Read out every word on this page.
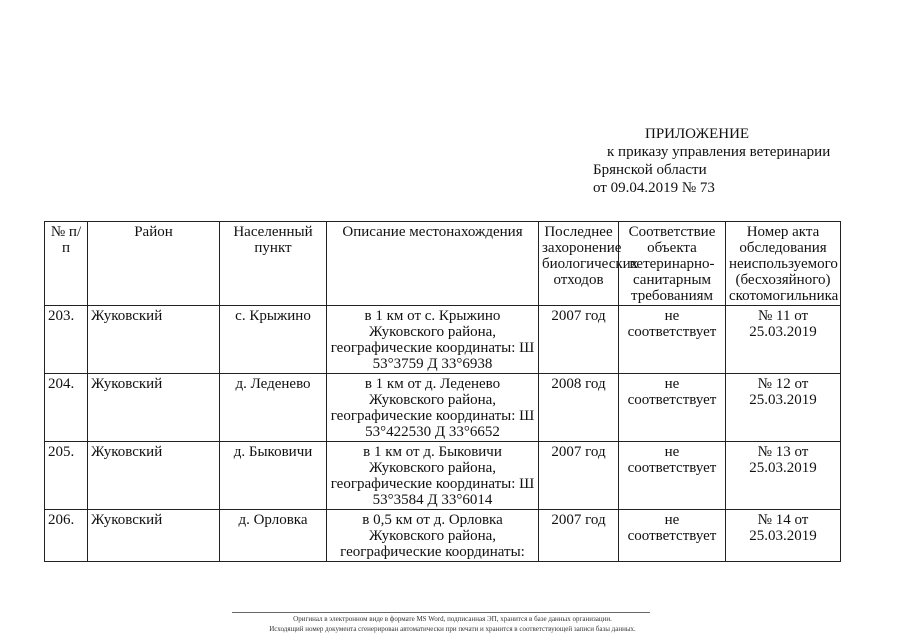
ПРИЛОЖЕНИЕ
к приказу управления ветеринарии
Брянской области
от 09.04.2019 № 73
№ п/п	Район	Населенный пункт	Описание местонахождения	Последнее захоронение биологических отходов	Соответствие объекта ветеринарно-санитарным требованиям	Номер акта обследования неиспользуемого (бесхозяйного) скотомогильника
203.	Жуковский	с. Крыжино	в 1 км от с. Крыжино Жуковского района, географические координаты: Ш 53°3759 Д 33°6938	2007 год	не соответствует	№ 11 от 25.03.2019
204.	Жуковский	д. Леденево	в 1 км от д. Леденево Жуковского района, географические координаты: Ш 53°422530 Д 33°6652	2008 год	не соответствует	№ 12 от 25.03.2019
205.	Жуковский	д. Быковичи	в 1 км от д. Быковичи Жуковского района, географические координаты: Ш 53°3584 Д 33°6014	2007 год	не соответствует	№ 13 от 25.03.2019
206.	Жуковский	д. Орловка	в 0,5 км от д. Орловка Жуковского района, географические координаты:	2007 год	не соответствует	№ 14 от 25.03.2019
Оригинал в электронном виде в формате MS Word, подписанная ЭП, хранится в базе данных организации.
Исходящий номер документа сгенерирован автоматически при печати и хранится в соответствующей записи базы данных.
